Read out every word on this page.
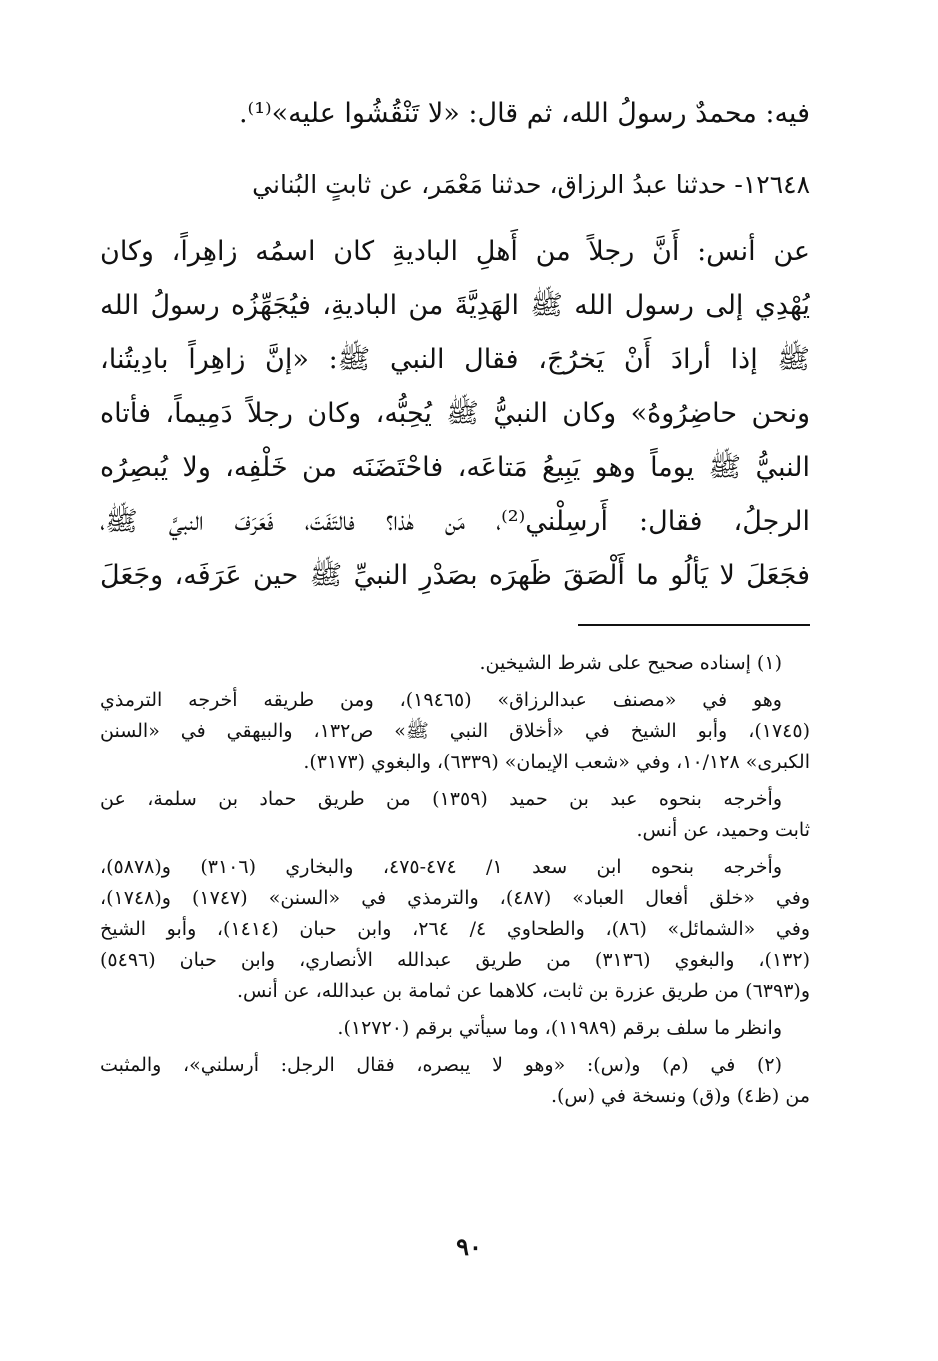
فيه: محمدٌ رسولُ الله، ثم قال: «لا تَنْقُشُوا عليه»⁽¹⁾.
١٢٦٤٨- حدثنا عبدُ الرزاق، حدثنا مَعْمَر، عن ثابتٍ البُناني
عن أنس: أَنَّ رجلاً من أَهلِ الباديةِ كان اسمُه زاهِراً، وكان
يُهْدِي إلى رسول الله ﷺ الهَدِيَّةَ من الباديةِ، فيُجَهِّزُه رسولُ الله
ﷺ إذا أرادَ أَنْ يَخرُجَ، فقال النبي ﷺ: «إنَّ زاهِراً بادِيتُنا،
ونحن حاضِرُوهُ» وكان النبيُّ ﷺ يُحِبُّه، وكان رجلاً دَمِيماً، فأتاه
النبيُّ ﷺ يوماً وهو يَبِيعُ مَتاعَه، فاحْتَضَنَه من خَلْفِه، ولا يُبصِرُه
الرجلُ، فقال: أَرسِلْني⁽²⁾، مَن هٰذا؟ فالتَفَتَ، فَعَرَفَ النبيَّ ﷺ،
فجَعَلَ لا يَألُو ما أَلْصَقَ ظَهرَه بصَدْرِ النبيِّ ﷺ حين عَرَفَه، وجَعَلَ
(١) إسناده صحيح على شرط الشيخين.
وهو في «مصنف عبدالرزاق» (١٩٤٦٥)، ومن طريقه أخرجه الترمذي
(١٧٤٥)، وأبو الشيخ في «أخلاق النبي ﷺ» ص١٣٢، والبيهقي في «السنن
الكبرى» ١٠/١٢٨، وفي «شعب الإيمان» (٦٣٣٩)، والبغوي (٣١٧٣).
وأخرجه بنحوه عبد بن حميد (١٣٥٩) من طريق حماد بن سلمة، عن
ثابت وحميد، عن أنس.
وأخرجه بنحوه ابن سعد ١/ ٤٧٤-٤٧٥، والبخاري (٣١٠٦) و(٥٨٧٨)،
وفي «خلق أفعال العباد» (٤٨٧)، والترمذي في «السنن» (١٧٤٧) و(١٧٤٨)،
وفي «الشمائل» (٨٦)، والطحاوي ٤/ ٢٦٤، وابن حبان (١٤١٤)، وأبو الشيخ
(١٣٢)، والبغوي (٣١٣٦) من طريق عبدالله الأنصاري، وابن حبان (٥٤٩٦)
و(٦٣٩٣) من طريق عزرة بن ثابت، كلاهما عن ثمامة بن عبدالله، عن أنس.
وانظر ما سلف برقم (١١٩٨٩)، وما سيأتي برقم (١٢٧٢٠).
(٢) في (م) و(س): «وهو لا يبصره، فقال الرجل: أرسلني»، والمثبت
من (ظ٤) و(ق) ونسخة في (س).
٩٠
